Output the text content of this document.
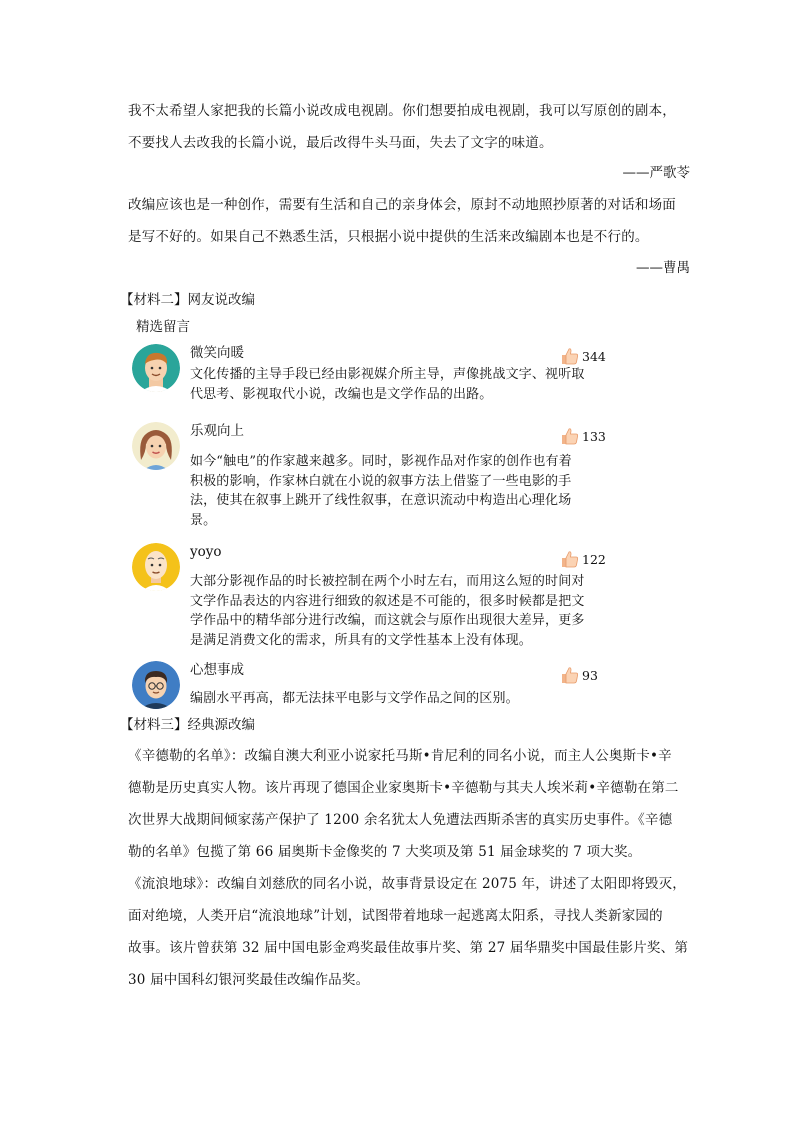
我不太希望人家把我的长篇小说改成电视剧。你们想要拍成电视剧，我可以写原创的剧本，
不要找人去改我的长篇小说，最后改得牛头马面，失去了文字的味道。
——严歌苓
改编应该也是一种创作，需要有生活和自己的亲身体会，原封不动地照抄原著的对话和场面
是写不好的。如果自己不熟悉生活，只根据小说中提供的生活来改编剧本也是不行的。
——曹禺
【材料二】网友说改编
精选留言
微笑向暖	344
文化传播的主导手段已经由影视媒介所主导，声像挑战文字、视听取
代思考、影视取代小说，改编也是文学作品的出路。
乐观向上	133
如今“触电”的作家越来越多。同时，影视作品对作家的创作也有着
积极的影响，作家林白就在小说的叙事方法上借鉴了一些电影的手
法，使其在叙事上跳开了线性叙事，在意识流动中构造出心理化场
景。
yoyo	122
大部分影视作品的时长被控制在两个小时左右，而用这么短的时间对
文学作品表达的内容进行细致的叙述是不可能的，很多时候都是把文
学作品中的精华部分进行改编，而这就会与原作出现很大差异，更多
是满足消费文化的需求，所具有的文学性基本上没有体现。
心想事成	93
编剧水平再高，都无法抹平电影与文学作品之间的区别。
【材料三】经典源改编
《辛德勒的名单》：改编自澳大利亚小说家托马斯•肯尼利的同名小说，而主人公奥斯卡•辛
德勒是历史真实人物。该片再现了德国企业家奥斯卡•辛德勒与其夫人埃米莉•辛德勒在第二
次世界大战期间倾家荡产保护了 1200 余名犹太人免遭法西斯杀害的真实历史事件。《辛德
勒的名单》包揽了第 66 届奥斯卡金像奖的 7 大奖项及第 51 届金球奖的 7 项大奖。
《流浪地球》：改编自刘慈欣的同名小说，故事背景设定在 2075 年，讲述了太阳即将毁灭，
面对绝境，人类开启“流浪地球”计划，试图带着地球一起逃离太阳系，寻找人类新家园的
故事。该片曾获第 32 届中国电影金鸡奖最佳故事片奖、第 27 届华鼎奖中国最佳影片奖、第
30 届中国科幻银河奖最佳改编作品奖。
